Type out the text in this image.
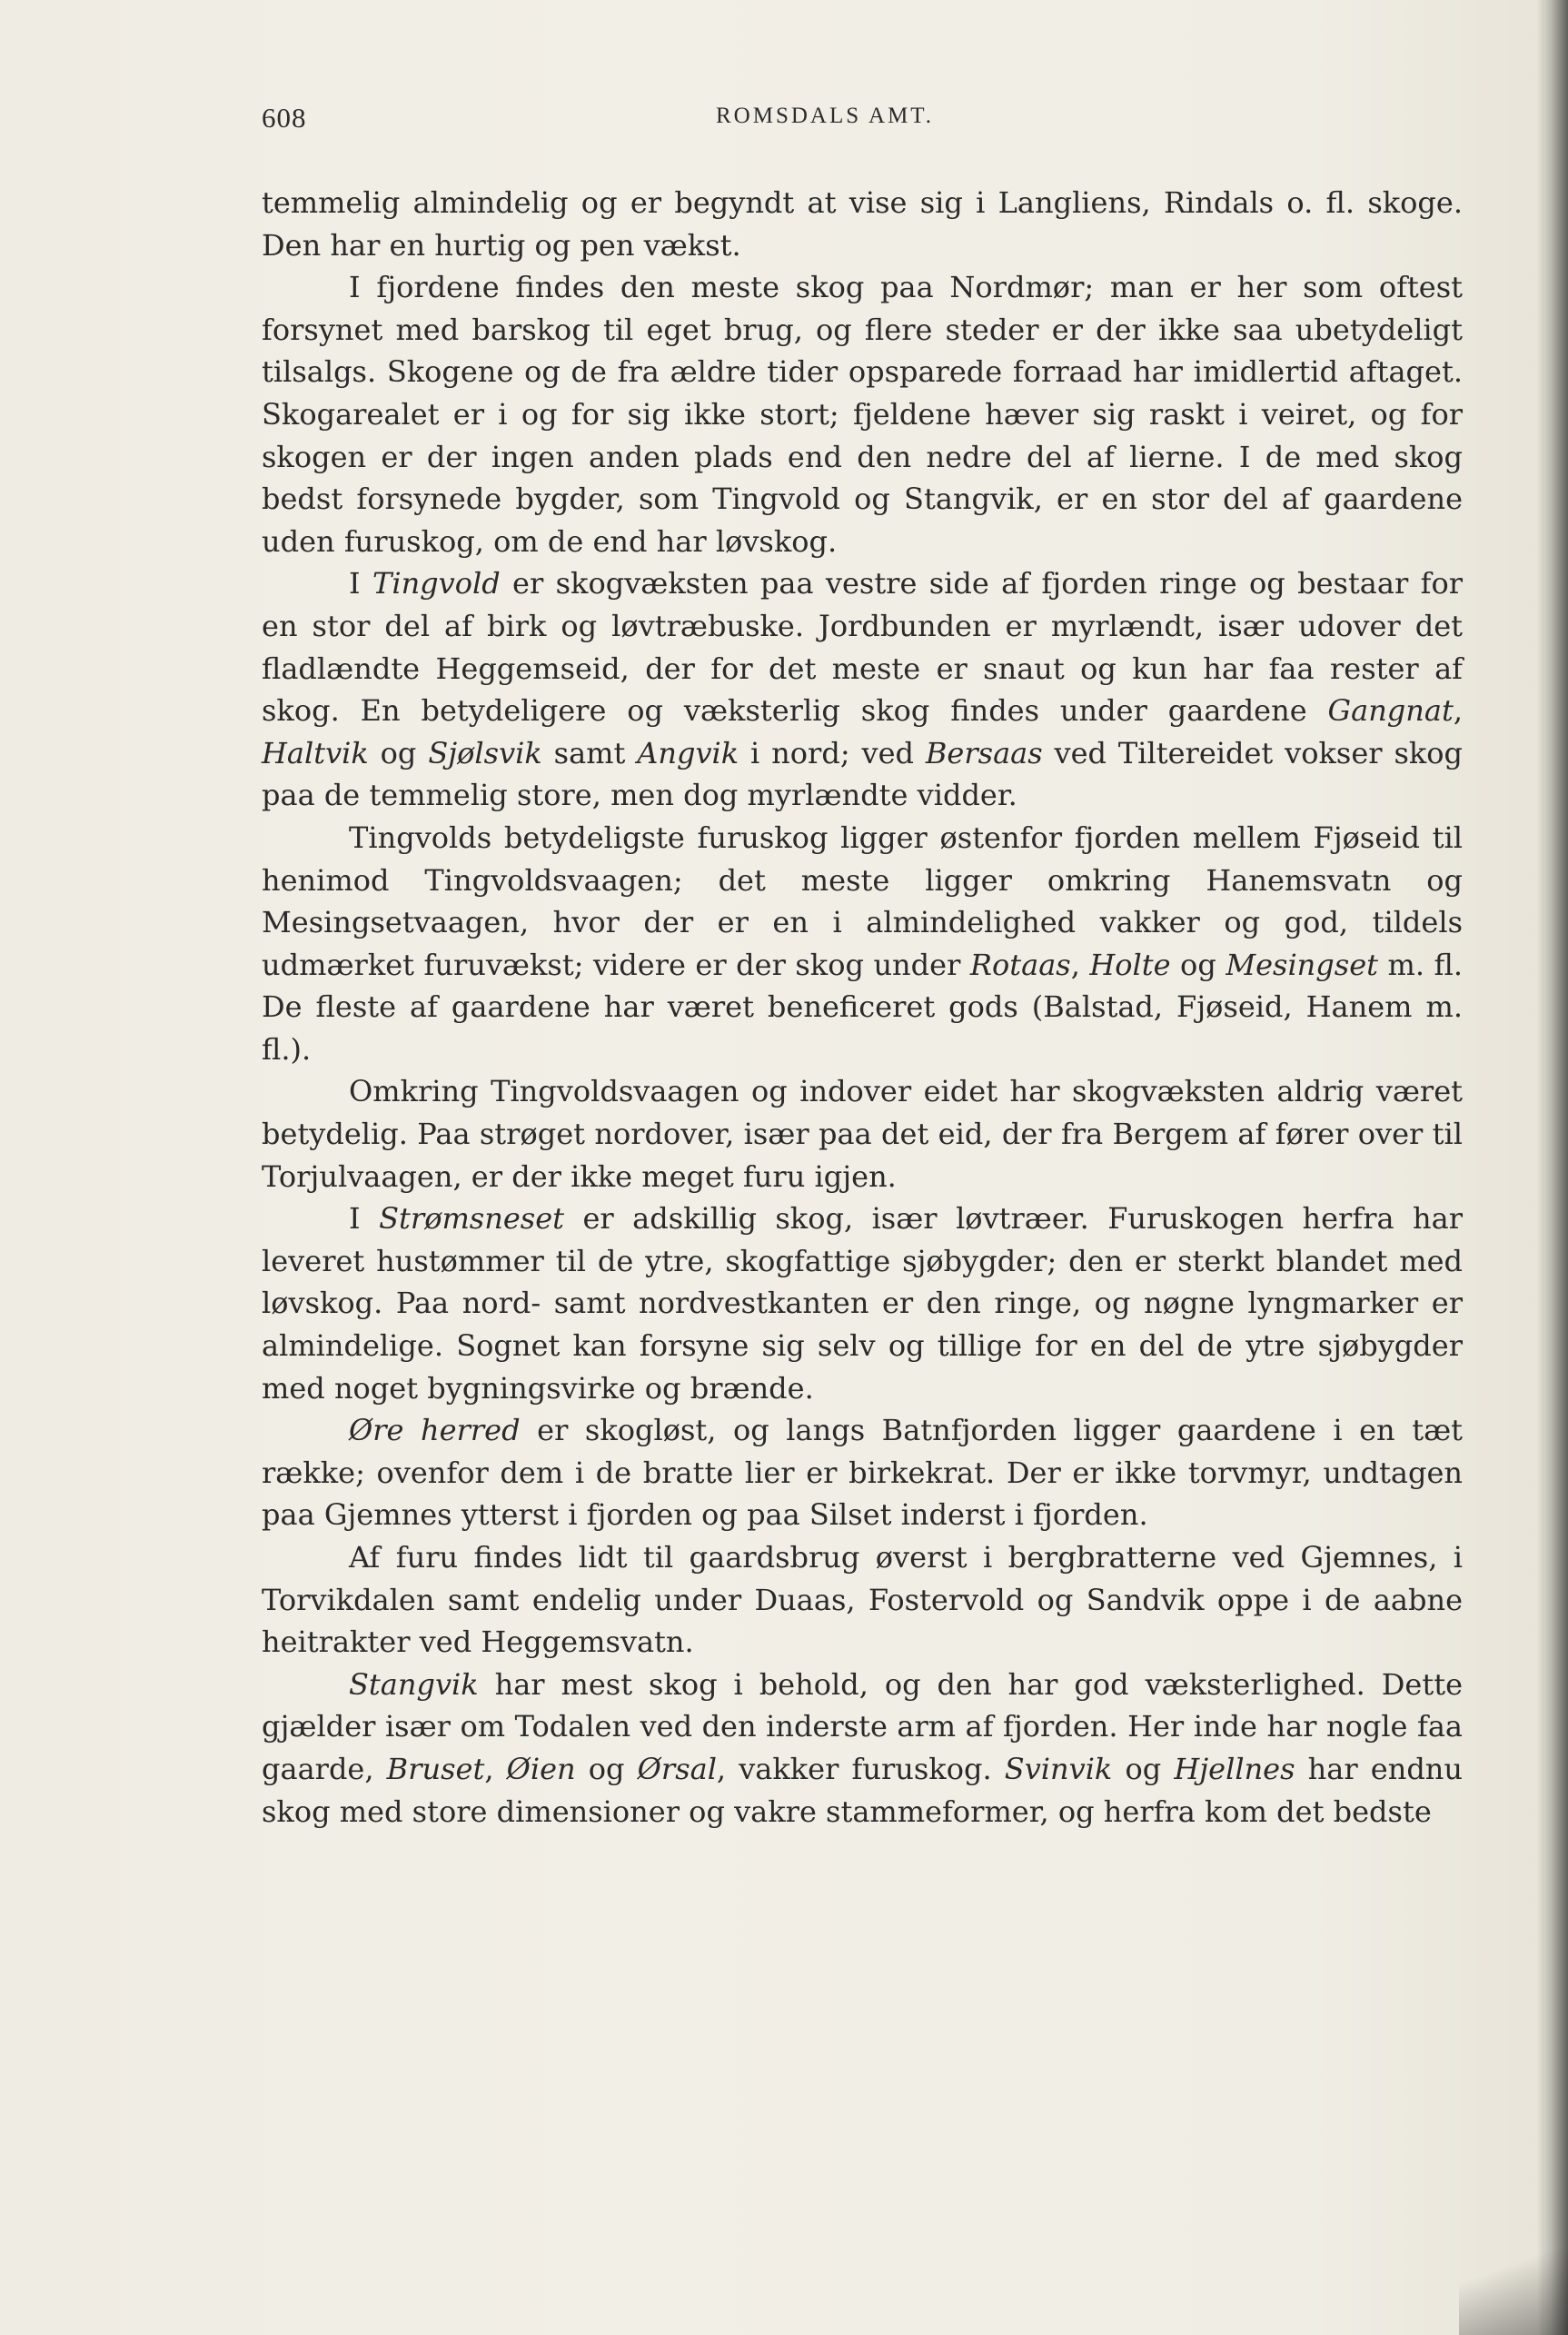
608	ROMSDALS AMT.

temmelig almindelig og er begyndt at vise sig i Langliens, Rindals o. fl. skoge. Den har en hurtig og pen vækst.

I fjordene findes den meste skog paa Nordmør; man er her som oftest forsynet med barskog til eget brug, og flere steder er der ikke saa ubetydeligt tilsalgs. Skogene og de fra ældre tider opsparede forraad har imidlertid aftaget. Skogarealet er i og for sig ikke stort; fjeldene hæver sig raskt i veiret, og for skogen er der ingen anden plads end den nedre del af lierne. I de med skog bedst forsynede bygder, som Tingvold og Stangvik, er en stor del af gaardene uden furuskog, om de end har løvskog.

I Tingvold er skogvæksten paa vestre side af fjorden ringe og bestaar for en stor del af birk og løvtræbuske. Jordbunden er myrlændt, især udover det fladlændte Heggemseid, der for det meste er snaut og kun har faa rester af skog. En betydeligere og væksterlig skog findes under gaardene Gangnat, Haltvik og Sjølsvik samt Angvik i nord; ved Bersaas ved Tiltereidet vokser skog paa de temmelig store, men dog myrlændte vidder.

Tingvolds betydeligste furuskog ligger østenfor fjorden mellem Fjøseid til henimod Tingvoldsvaagen; det meste ligger omkring Hanemsvatn og Mesingsetvaagen, hvor der er en i almindelighed vakker og god, tildels udmærket furuvækst; videre er der skog under Rotaas, Holte og Mesingset m. fl. De fleste af gaardene har været beneficeret gods (Balstad, Fjøseid, Hanem m. fl.).

Omkring Tingvoldsvaagen og indover eidet har skogvæksten aldrig været betydelig. Paa strøget nordover, især paa det eid, der fra Bergem af fører over til Torjulvaagen, er der ikke meget furu igjen.

I Strømsneset er adskillig skog, især løvtræer. Furuskogen herfra har leveret hustømmer til de ytre, skogfattige sjøbygder; den er sterkt blandet med løvskog. Paa nord- samt nordvestkanten er den ringe, og nøgne lyngmarker er almindelige. Sognet kan forsyne sig selv og tillige for en del de ytre sjøbygder med noget bygningsvirke og brænde.

Øre herred er skogløst, og langs Batnfjorden ligger gaardene i en tæt række; ovenfor dem i de bratte lier er birkekrat. Der er ikke torvmyr, undtagen paa Gjemnes ytterst i fjorden og paa Silset inderst i fjorden.

Af furu findes lidt til gaardsbrug øverst i bergbratterne ved Gjemnes, i Torvikdalen samt endelig under Duaas, Fostervold og Sandvik oppe i de aabne heitrakter ved Heggemsvatn.

Stangvik har mest skog i behold, og den har god væksterlighed. Dette gjælder især om Todalen ved den inderste arm af fjorden. Her inde har nogle faa gaarde, Bruset, Øien og Ørsal, vakker furuskog. Svinvik og Hjellnes har endnu skog med store dimensioner og vakre stammeformer, og herfra kom det bedste
